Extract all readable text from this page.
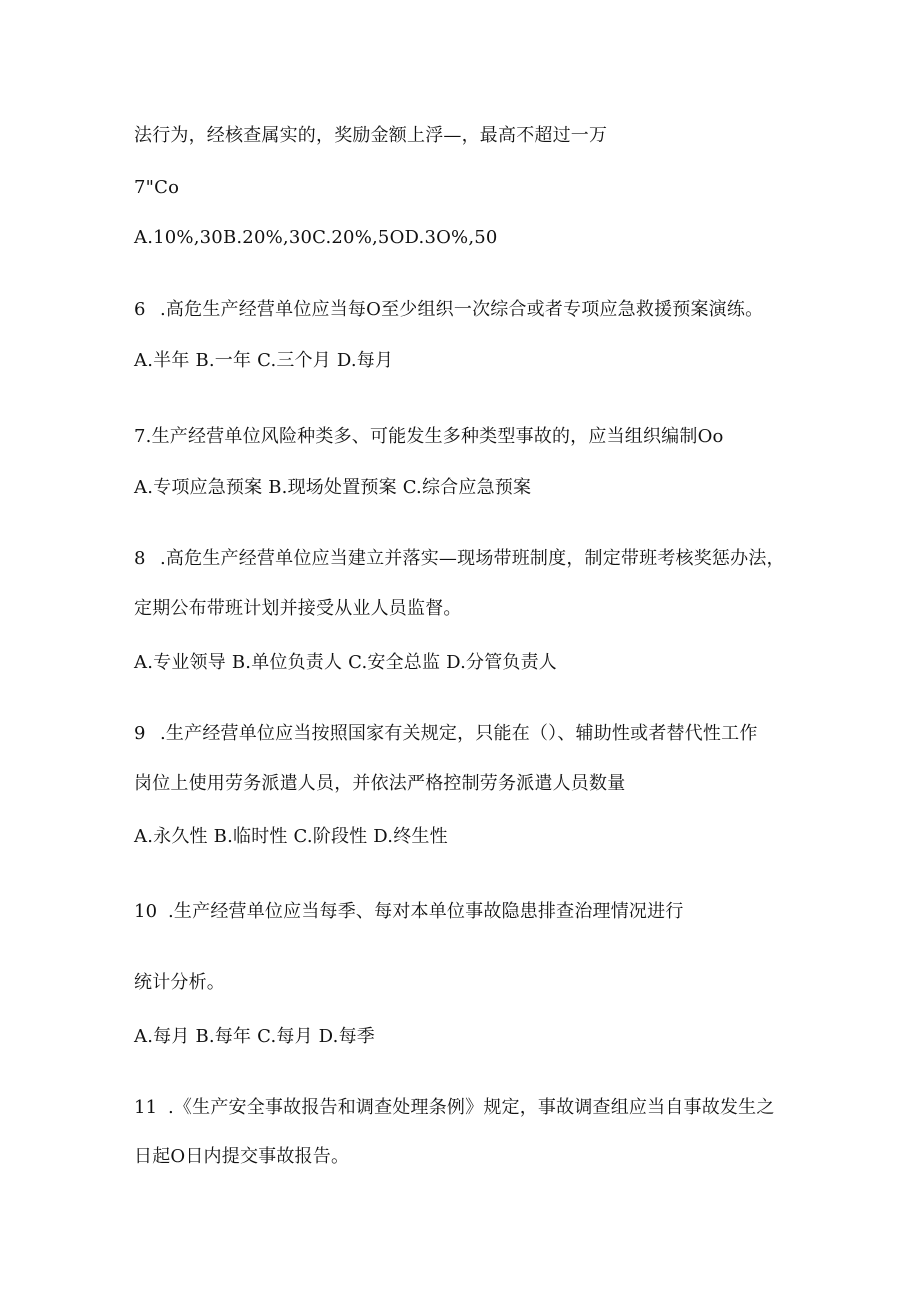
法行为，经核查属实的，奖励金额上浮—，最高不超过一万
7"Co
A.10%,30B.20%,30C.20%,5OD.3O%,50
6 .高危生产经营单位应当每O至少组织一次综合或者专项应急救援预案演练。
A.半年 B.一年 C.三个月 D.每月
7.生产经营单位风险种类多、可能发生多种类型事故的，应当组织编制Oo
A.专项应急预案 B.现场处置预案 C.综合应急预案
8 .高危生产经营单位应当建立并落实—现场带班制度，制定带班考核奖惩办法，
定期公布带班计划并接受从业人员监督。
A.专业领导 B.单位负责人 C.安全总监 D.分管负责人
9 .生产经营单位应当按照国家有关规定，只能在（）、辅助性或者替代性工作
岗位上使用劳务派遣人员，并依法严格控制劳务派遣人员数量
A.永久性 B.临时性 C.阶段性 D.终生性
10 .生产经营单位应当每季、每对本单位事故隐患排查治理情况进行
统计分析。
A.每月 B.每年 C.每月 D.每季
11 .《生产安全事故报告和调查处理条例》规定，事故调查组应当自事故发生之
日起O日内提交事故报告。
